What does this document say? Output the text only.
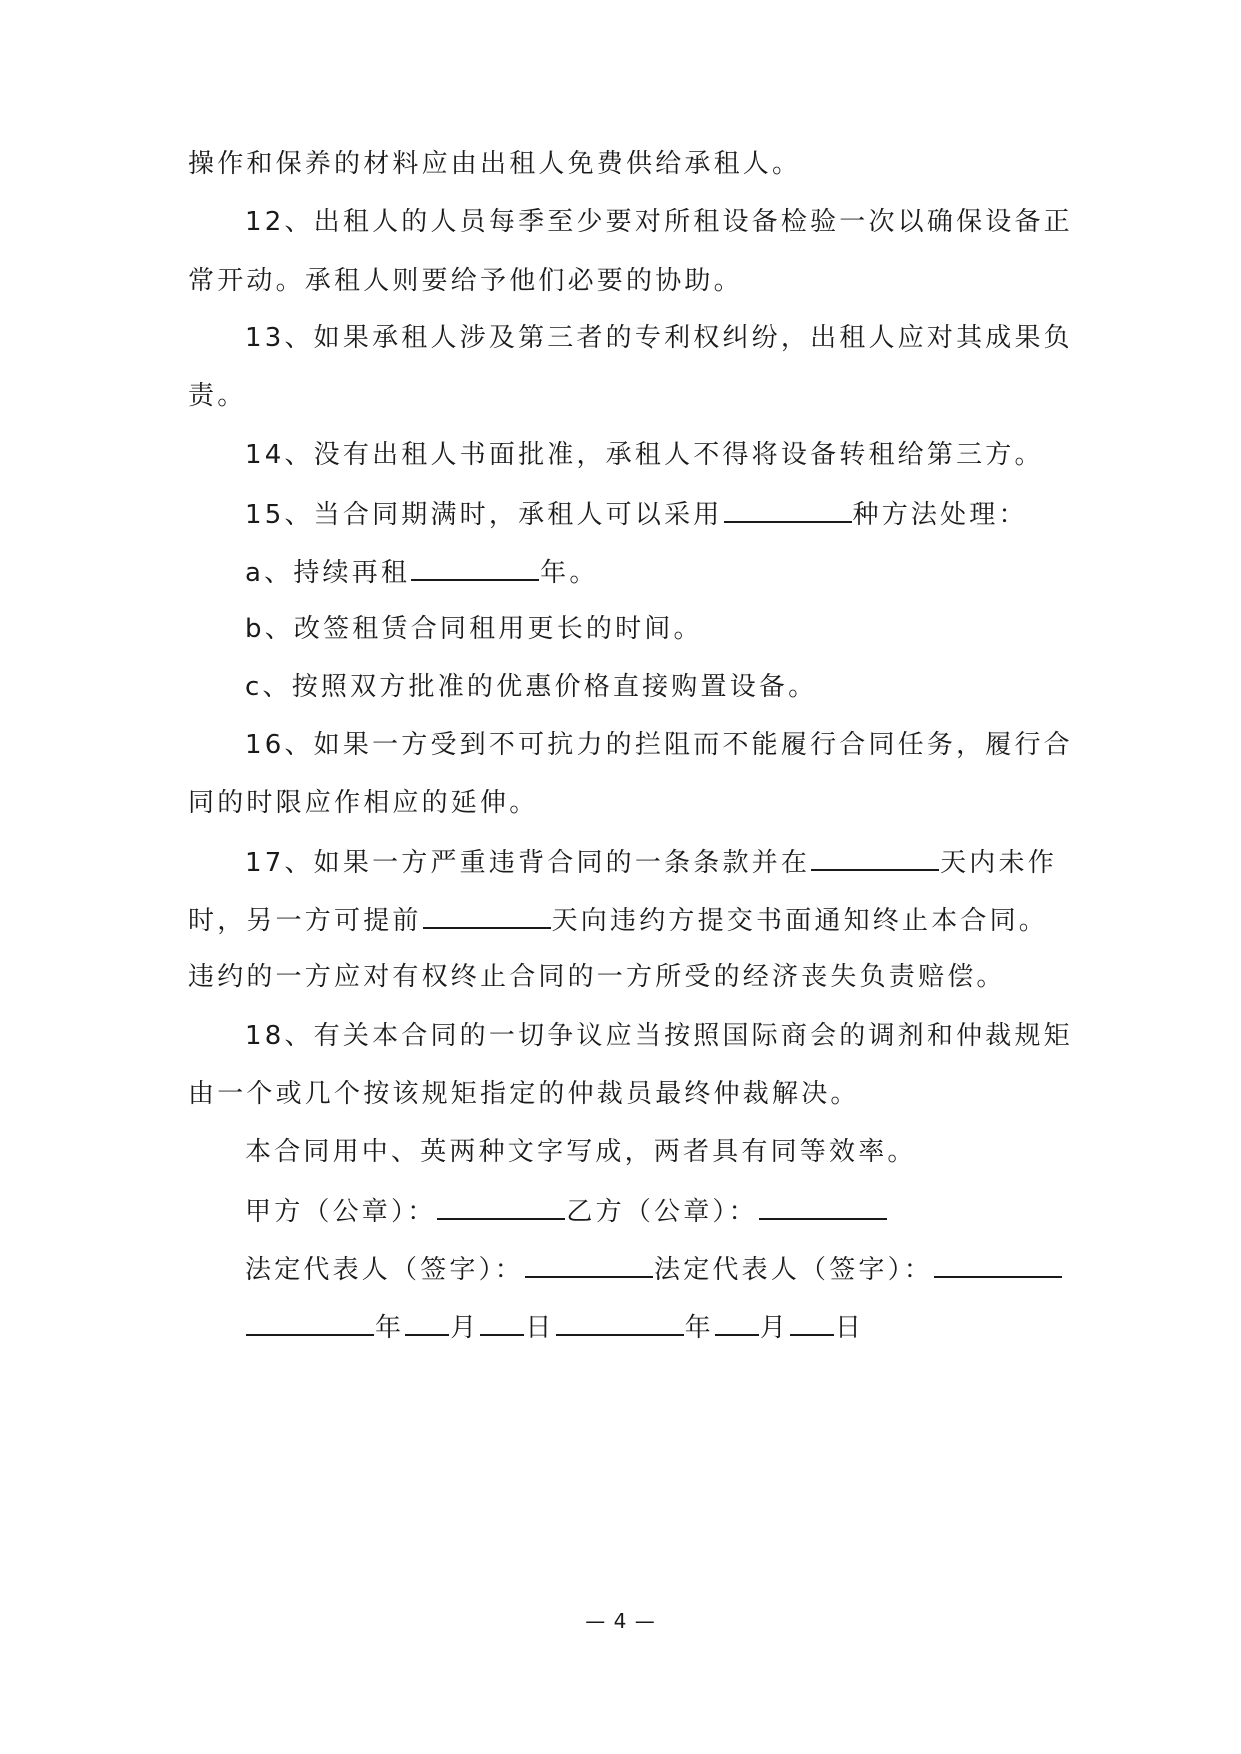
操作和保养的材料应由出租人免费供给承租人。
12、出租人的人员每季至少要对所租设备检验一次以确保设备正
常开动。承租人则要给予他们必要的协助。
13、如果承租人涉及第三者的专利权纠纷，出租人应对其成果负
责。
14、没有出租人书面批准，承租人不得将设备转租给第三方。
15、当合同期满时，承租人可以采用	种方法处理：
a、持续再租	年。
b、改签租赁合同租用更长的时间。
c、按照双方批准的优惠价格直接购置设备。
16、如果一方受到不可抗力的拦阻而不能履行合同任务，履行合
同的时限应作相应的延伸。
17、如果一方严重违背合同的一条条款并在	天内未作
时，另一方可提前	天向违约方提交书面通知终止本合同。
违约的一方应对有权终止合同的一方所受的经济丧失负责赔偿。
18、有关本合同的一切争议应当按照国际商会的调剂和仲裁规矩
由一个或几个按该规矩指定的仲裁员最终仲裁解决。
本合同用中、英两种文字写成，两者具有同等效率。
甲方（公章）：	乙方（公章）：
法定代表人（签字）：	法定代表人（签字）：
年 月 日	年 月 日
— 4 —
